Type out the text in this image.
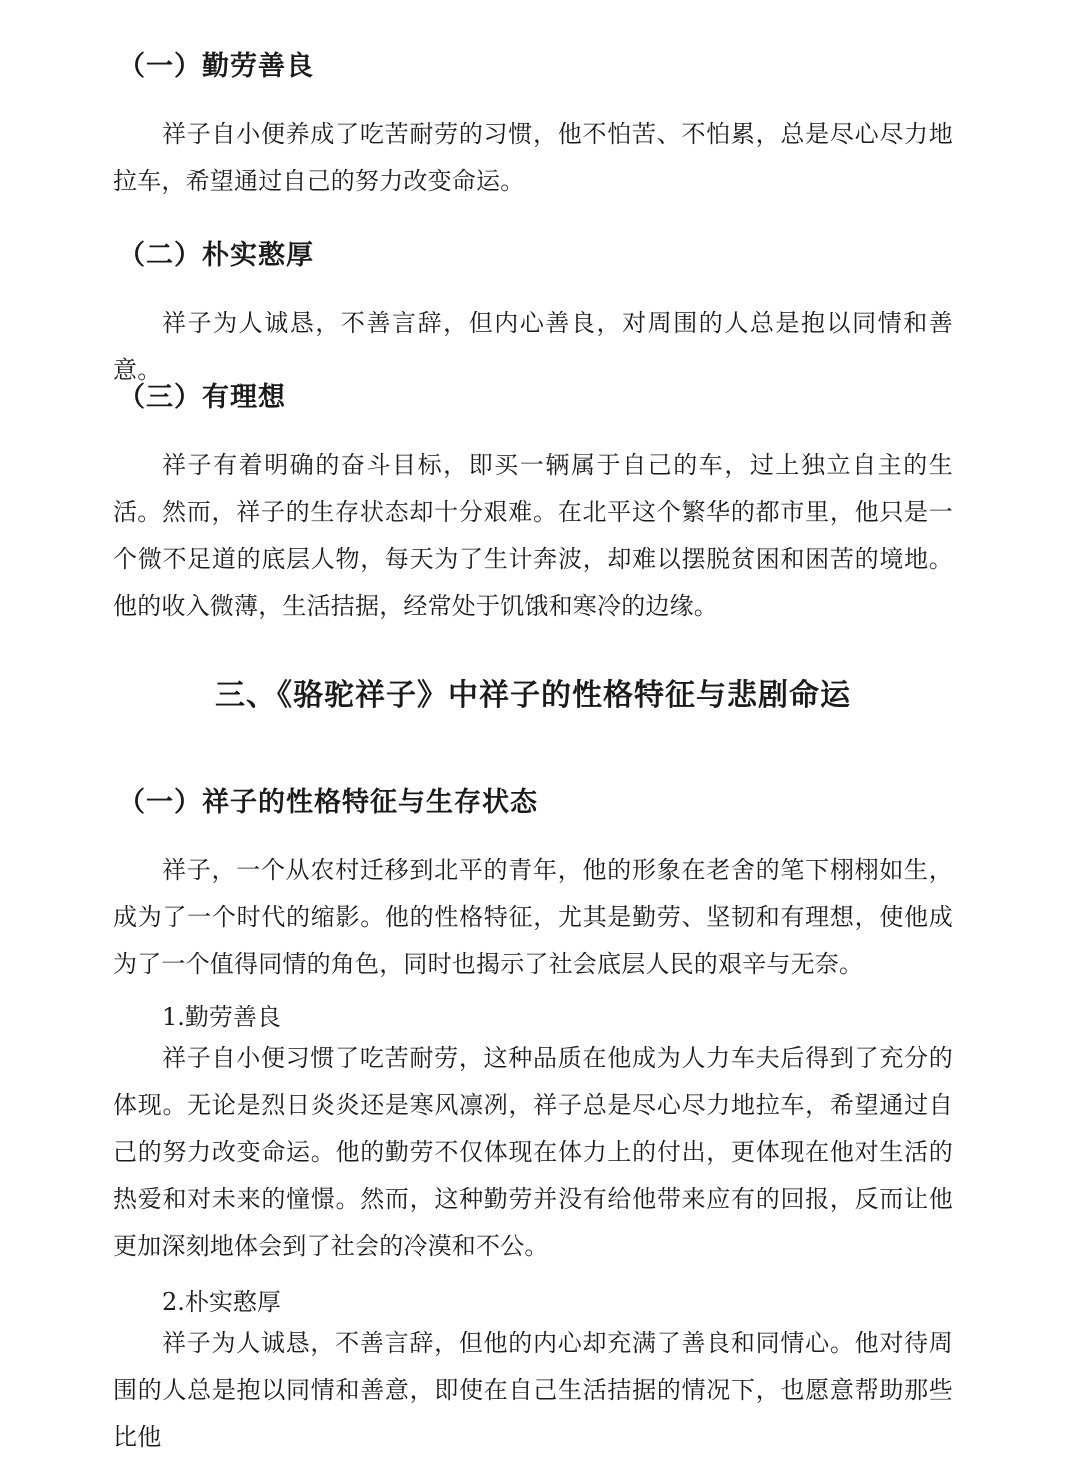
（一）勤劳善良

祥子自小便养成了吃苦耐劳的习惯，他不怕苦、不怕累，总是尽心尽力地拉车，希望通过自己的努力改变命运。

（二）朴实憨厚

祥子为人诚恳，不善言辞，但内心善良，对周围的人总是抱以同情和善意。

（三）有理想

祥子有着明确的奋斗目标，即买一辆属于自己的车，过上独立自主的生活。 然而，祥子的生存状态却十分艰难。在北平这个繁华的都市里，他只是一个微不足道的底层人物，每天为了生计奔波，却难以摆脱贫困和困苦的境地。他的收入微薄，生活拮据，经常处于饥饿和寒冷的边缘。

三、《骆驼祥子》中祥子的性格特征与悲剧命运
（一）祥子的性格特征与生存状态

祥子，一个从农村迁移到北平的青年，他的形象在老舍的笔下栩栩如生，成为了一个时代的缩影。他的性格特征，尤其是勤劳、坚韧和有理想，使他成为了一个值得同情的角色，同时也揭示了社会底层人民的艰辛与无奈。

1.勤劳善良

祥子自小便习惯了吃苦耐劳，这种品质在他成为人力车夫后得到了充分的体现。无论是烈日炎炎还是寒风凛冽，祥子总是尽心尽力地拉车，希望通过自己的努力改变命运。他的勤劳不仅体现在体力上的付出，更体现在他对生活的热爱和对未来的憧憬。然而，这种勤劳并没有给他带来应有的回报，反而让他更加深刻地体会到了社会的冷漠和不公。

2.朴实憨厚

祥子为人诚恳，不善言辞，但他的内心却充满了善良和同情心。他对待周围的人总是抱以同情和善意，即使在自己生活拮据的情况下，也愿意帮助那些比他
